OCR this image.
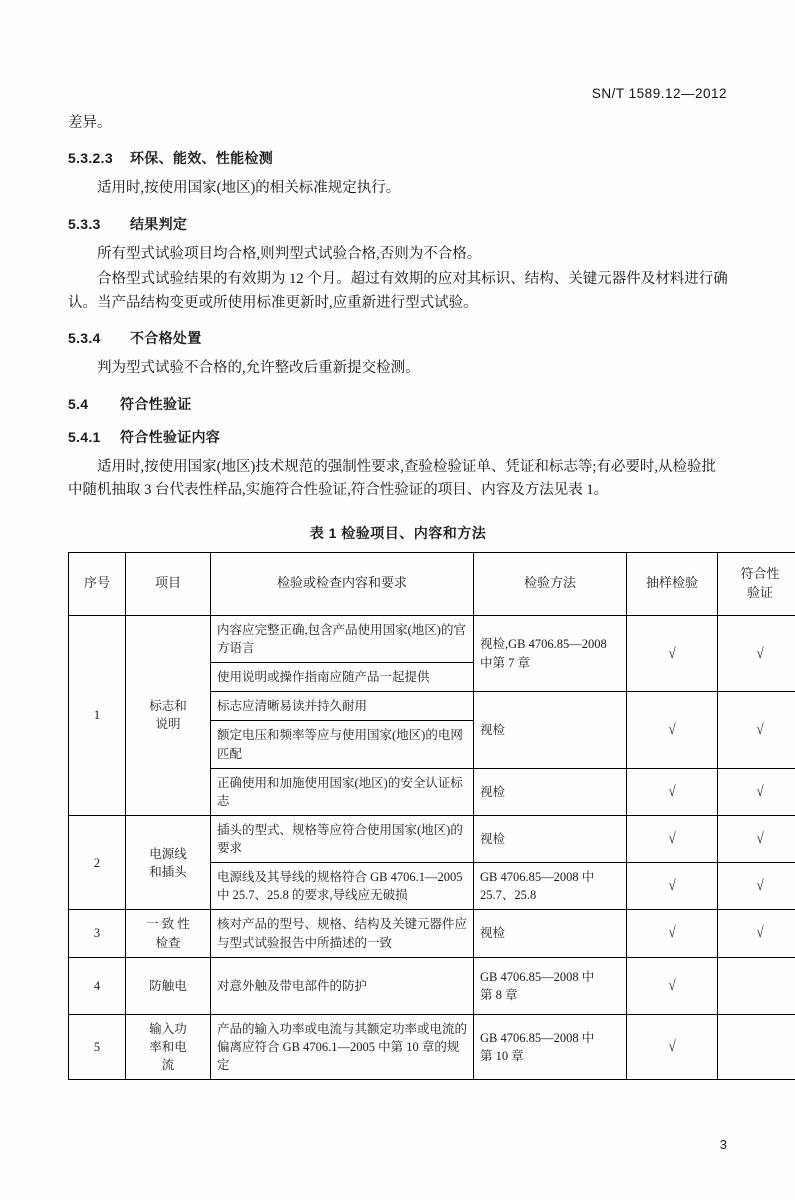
SN/T 1589.12—2012

差异。

5.3.2.3 环保、能效、性能检测

适用时,按使用国家(地区)的相关标准规定执行。

5.3.3 结果判定

所有型式试验项目均合格,则判型式试验合格,否则为不合格。

合格型式试验结果的有效期为 12 个月。超过有效期的应对其标识、结构、关键元器件及材料进行确认。当产品结构变更或所使用标准更新时,应重新进行型式试验。

5.3.4 不合格处置

判为型式试验不合格的,允许整改后重新提交检测。

5.4 符合性验证
5.4.1 符合性验证内容

适用时,按使用国家(地区)技术规范的强制性要求,查验检验证单、凭证和标志等;有必要时,从检验批中随机抽取 3 台代表性样品,实施符合性验证,符合性验证的项目、内容及方法见表 1。

表 1 检验项目、内容和方法
序号	项目	检验或检查内容和要求	检验方法	抽样检验	符合性
验证

1	标志和
说明	内容应完整正确,包含产品使用国家(地区)的官方语言	视检,GB 4706.85—2008
中第 7 章	√	√
		使用说明或操作指南应随产品一起提供			
		标志应清晰易读并持久耐用	视检	√	√
		额定电压和频率等应与使用国家(地区)的电网匹配			
		正确使用和加施使用国家(地区)的安全认证标志	视检	√	√
2	电源线
和插头	插头的型式、规格等应符合使用国家(地区)的要求	视检	√	√
		电源线及其导线的规格符合 GB 4706.1—2005 中 25.7、25.8 的要求,导线应无破损	GB 4706.85—2008 中
25.7、25.8	√	√
3	一 致 性
检查	核对产品的型号、规格、结构及关键元器件应与型式试验报告中所描述的一致	视检	√	√
4	防触电	对意外触及带电部件的防护	GB 4706.85—2008 中
第 8 章	√	
5	输入功
率和电
流	产品的输入功率或电流与其额定功率或电流的偏离应符合 GB 4706.1—2005 中第 10 章的规定	GB 4706.85—2008 中
第 10 章	√	
3
